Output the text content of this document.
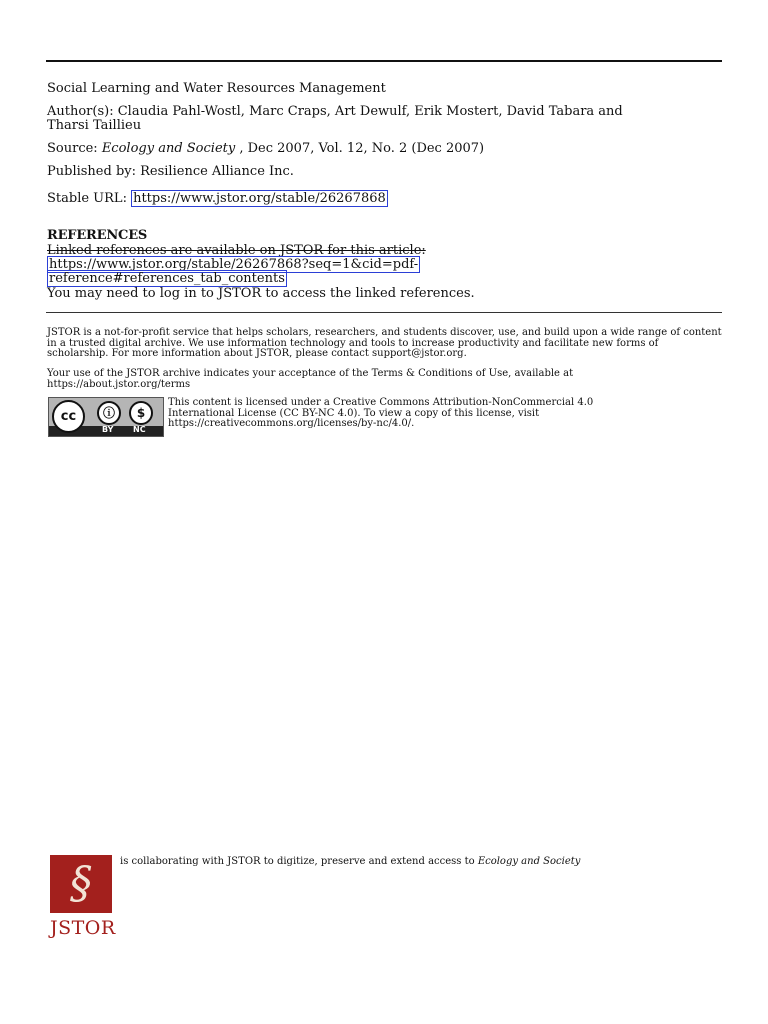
Social Learning and Water Resources Management
Author(s): Claudia Pahl-Wostl, Marc Craps, Art Dewulf, Erik Mostert, David Tabara and
Tharsi Taillieu
Source: Ecology and Society , Dec 2007, Vol. 12, No. 2 (Dec 2007)
Published by: Resilience Alliance Inc.
Stable URL: https://www.jstor.org/stable/26267868
REFERENCES
Linked references are available on JSTOR for this article:
https://www.jstor.org/stable/26267868?seq=1&cid=pdf-
reference#references_tab_contents
You may need to log in to JSTOR to access the linked references.
JSTOR is a not-for-profit service that helps scholars, researchers, and students discover, use, and build upon a wide range of content in a trusted digital archive. We use information technology and tools to increase productivity and facilitate new forms of scholarship. For more information about JSTOR, please contact support@jstor.org.
Your use of the JSTOR archive indicates your acceptance of the Terms & Conditions of Use, available at
https://about.jstor.org/terms
cc	ⓘ	$
BY NC
This content is licensed under a Creative Commons Attribution-NonCommercial 4.0
International License (CC BY-NC 4.0). To view a copy of this license, visit
https://creativecommons.org/licenses/by-nc/4.0/.
§
JSTOR
is collaborating with JSTOR to digitize, preserve and extend access to Ecology and Society
